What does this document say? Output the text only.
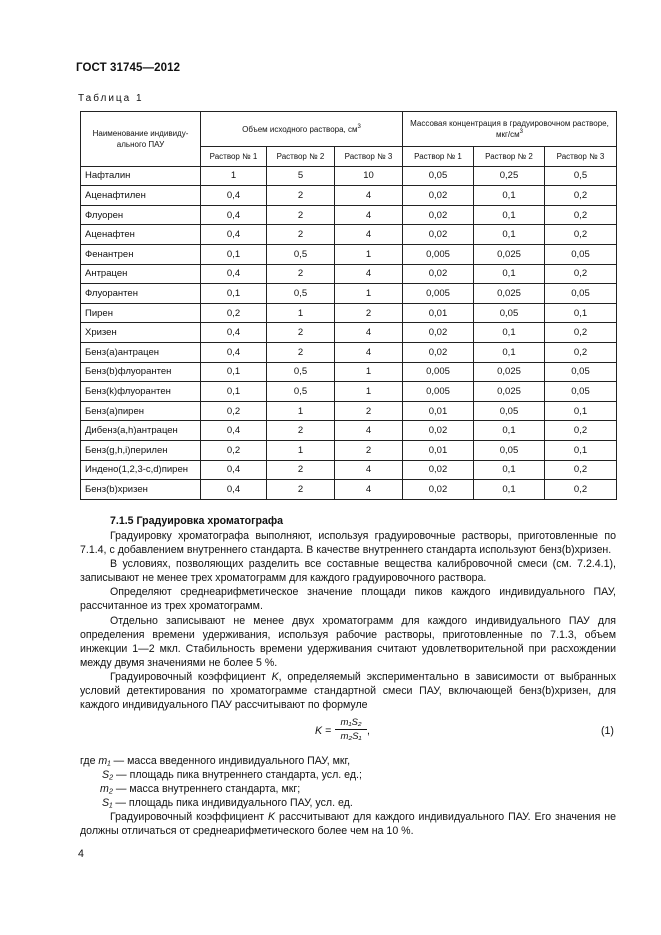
ГОСТ 31745—2012
Таблица 1
Наименование индивиду-
ального ПАУ	Объем исходного раствора, $см^3$			Массовая концентрация в градуировочном растворе, мкг/$см^3$
	Раствор № 1	Раствор № 2	Раствор № 3	Раствор № 1	Раствор № 2	Раствор № 3
Нафталин	1	5	10	0,05	0,25	0,5
Аценафтилен	0,4	2	4	0,02	0,1	0,2
Флуорен	0,4	2	4	0,02	0,1	0,2
Аценафтен	0,4	2	4	0,02	0,1	0,2
Фенантрен	0,1	0,5	1	0,005	0,025	0,05
Антрацен	0,4	2	4	0,02	0,1	0,2
Флуорантен	0,1	0,5	1	0,005	0,025	0,05
Пирен	0,2	1	2	0,01	0,05	0,1
Хризен	0,4	2	4	0,02	0,1	0,2
Бенз(а)антрацен	0,4	2	4	0,02	0,1	0,2
Бенз(b)флуорантен	0,1	0,5	1	0,005	0,025	0,05
Бенз(k)флуорантен	0,1	0,5	1	0,005	0,025	0,05
Бенз(а)пирен	0,2	1	2	0,01	0,05	0,1
Дибенз(а,h)антрацен	0,4	2	4	0,02	0,1	0,2
Бенз(g,h,i)перилен	0,2	1	2	0,01	0,05	0,1
Индено(1,2,3-c,d)пирен	0,4	2	4	0,02	0,1	0,2
Бенз(b)хризен	0,4	2	4	0,02	0,1	0,2
7.1.5 Градуировка хроматографа

Градуировку хроматографа выполняют, используя градуировочные растворы, приготовленные по 7.1.4, с добавлением внутреннего стандарта. В качестве внутреннего стандарта используют бенз(b)хризен.

В условиях, позволяющих разделить все составные вещества калибровочной смеси (см. 7.2.4.1), записывают не менее трех хроматограмм для каждого градуировочного раствора.

Определяют среднеарифметическое значение площади пиков каждого индивидуального ПАУ, рассчитанное из трех хроматограмм.

Отдельно записывают не менее двух хроматограмм для каждого индивидуального ПАУ для определения времени удерживания, используя рабочие растворы, приготовленные по 7.1.3, объем инжекции 1—2 мкл. Стабильность времени удерживания считают удовлетворительной при расхождении между двумя значениями не более 5 %.

Градуировочный коэффициент K, определяемый экспериментально в зависимости от выбранных условий детектирования по хроматограмме стандартной смеси ПАУ, включающей бенз(b)хризен, для каждого индивидуального ПАУ рассчитывают по формуле

$K = \frac{\text{m₁S₂}}{\text{m₂S₁}}$ ,	(1)
где m₁ — масса введенного индивидуального ПАУ, мкг,
S₂ — площадь пика внутреннего стандарта, усл. ед.;
m₂ — масса внутреннего стандарта, мкг;
S₁ — площадь пика индивидуального ПАУ, усл. ед.

Градуировочный коэффициент K рассчитывают для каждого индивидуального ПАУ. Его значения не должны отличаться от среднеарифметического более чем на 10 %.

4
